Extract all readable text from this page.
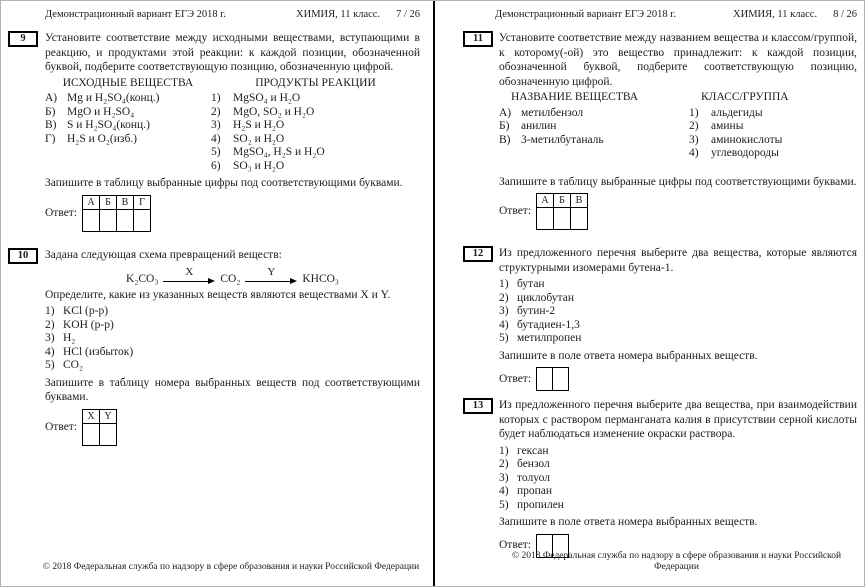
Демонстрационный вариант ЕГЭ 2018 г.	ХИМИЯ, 11 класс. 7 / 26
9	Установите соответствие между исходными веществами, вступающими в реакцию, и продуктами этой реакции: к каждой позиции, обозначенной буквой, подберите соответствующую позицию, обозначенную цифрой.
ИСХОДНЫЕ ВЕЩЕСТВА
А) Mg и H₂SO₄(конц.)
Б) MgO и H₂SO₄
В) S и H₂SO₄(конц.)
Г) H₂S и O₂(изб.)
ПРОДУКТЫ РЕАКЦИИ
1) MgSO₄ и H₂O
2) MgO, SO₂ и H₂O
3) H₂S и H₂O
4) SO₂ и H₂O
5) MgSO₄, H₂S и H₂O
6) SO₃ и H₂O
Запишите в таблицу выбранные цифры под соответствующими буквами.
Ответ:
А	Б	В	Г

10	Задана следующая схема превращений веществ:
K₂CO₃
X
CO₂
Y
KHCO₃
Определите, какие из указанных веществ являются веществами X и Y.
1) KCl (р-р)
2) KOH (р-р)
3) H₂
4) HCl (избыток)
5) CO₂
Запишите в таблицу номера выбранных веществ под соответствующими буквами.
Ответ:
X	Y

© 2018 Федеральная служба по надзору в сфере образования и науки Российской Федерации
Демонстрационный вариант ЕГЭ 2018 г.	ХИМИЯ, 11 класс. 8 / 26
11	Установите соответствие между названием вещества и классом/группой, к которому(-ой) это вещество принадлежит: к каждой позиции, обозначенной буквой, подберите соответствующую позицию, обозначенную цифрой.
НАЗВАНИЕ ВЕЩЕСТВА
А) метилбензол
Б) анилин
В) 3-метилбутаналь
КЛАСС/ГРУППА
1) альдегиды
2) амины
3) аминокислоты
4) углеводороды
Запишите в таблицу выбранные цифры под соответствующими буквами.
Ответ:
А	Б	В

12	Из предложенного перечня выберите два вещества, которые являются структурными изомерами бутена-1.
1) бутан
2) циклобутан
3) бутин-2
4) бутадиен-1,3
5) метилпропен
Запишите в поле ответа номера выбранных веществ.
Ответ:
13	Из предложенного перечня выберите два вещества, при взаимодействии которых с раствором перманганата калия в присутствии серной кислоты будет наблюдаться изменение окраски раствора.
1) гексан
2) бензол
3) толуол
4) пропан
5) пропилен
Запишите в поле ответа номера выбранных веществ.
Ответ:
© 2018 Федеральная служба по надзору в сфере образования и науки Российской Федерации
